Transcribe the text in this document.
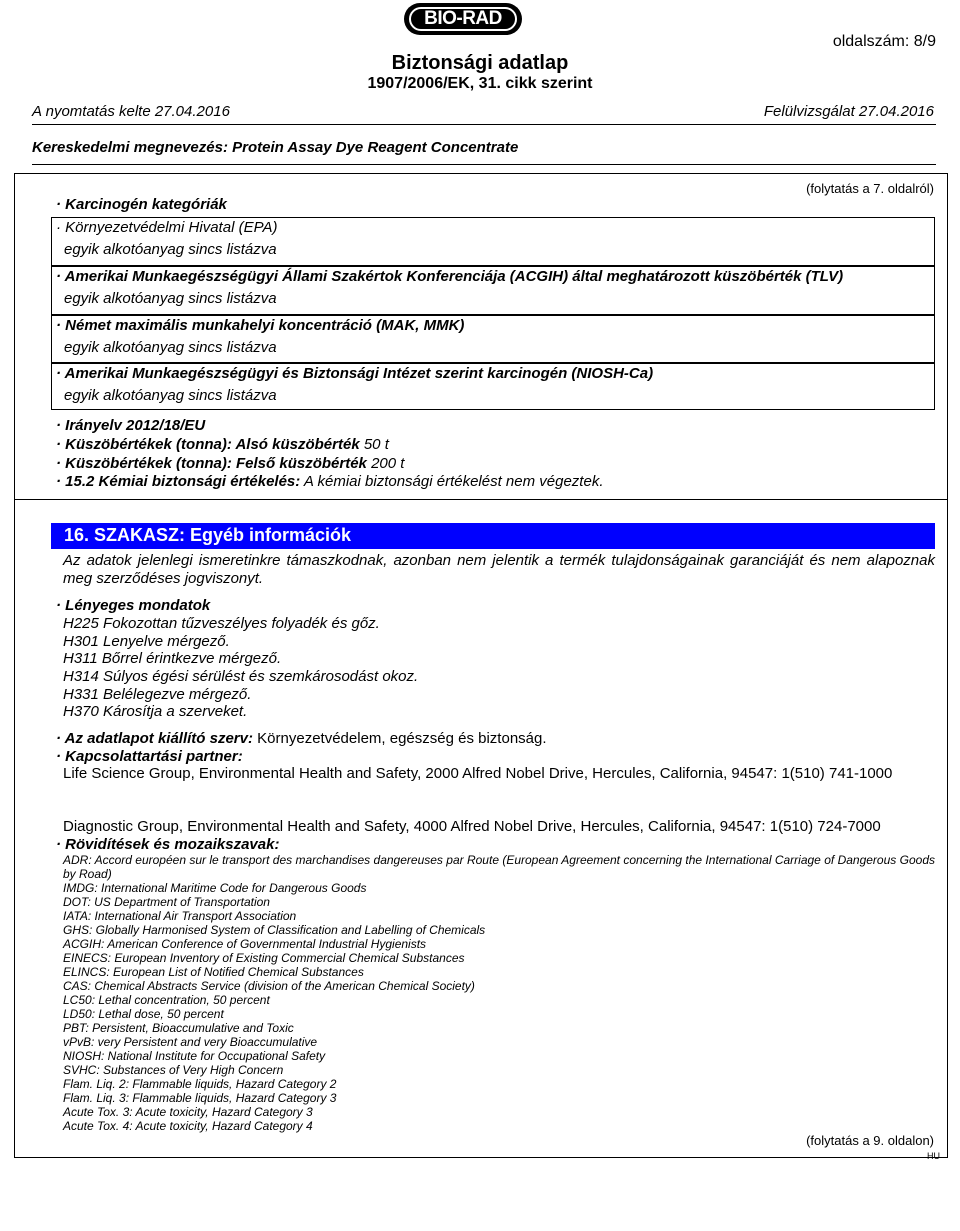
BIO-RAD
Biztonsági adatlap
1907/2006/EK, 31. cikk szerint
oldalszám: 8/9
A nyomtatás kelte 27.04.2016	Felülvizsgálat 27.04.2016
Kereskedelmi megnevezés: Protein Assay Dye Reagent Concentrate
(folytatás a 7. oldalról)
· Karcinogén kategóriák
· Környezetvédelmi Hivatal (EPA)
egyik alkotóanyag sincs listázva
· Amerikai Munkaegészségügyi Állami Szakértok Konferenciája (ACGIH) által meghatározott küszöbérték (TLV)
egyik alkotóanyag sincs listázva
· Német maximális munkahelyi koncentráció (MAK, MMK)
egyik alkotóanyag sincs listázva
· Amerikai Munkaegészségügyi és Biztonsági Intézet szerint karcinogén (NIOSH-Ca)
egyik alkotóanyag sincs listázva
· Irányelv 2012/18/EU
· Küszöbértékek (tonna): Alsó küszöbérték 50 t
· Küszöbértékek (tonna): Felső küszöbérték 200 t
· 15.2 Kémiai biztonsági értékelés: A kémiai biztonsági értékelést nem végeztek.
16. SZAKASZ: Egyéb információk
Az adatok jelenlegi ismeretinkre támaszkodnak, azonban nem jelentik a termék tulajdonságainak garanciáját és nem alapoznak meg szerződéses jogviszonyt.
· Lényeges mondatok
H225 Fokozottan tűzveszélyes folyadék és gőz.
H301 Lenyelve mérgező.
H311 Bőrrel érintkezve mérgező.
H314 Súlyos égési sérülést és szemkárosodást okoz.
H331 Belélegezve mérgező.
H370 Károsítja a szerveket.
· Az adatlapot kiállító szerv: Környezetvédelem, egészség és biztonság.
· Kapcsolattartási partner:
Life Science Group, Environmental Health and Safety, 2000 Alfred Nobel Drive, Hercules, California, 94547: 1(510) 741-1000
Diagnostic Group, Environmental Health and Safety, 4000 Alfred Nobel Drive, Hercules, California, 94547: 1(510) 724-7000
· Rövidítések és mozaikszavak:
ADR: Accord européen sur le transport des marchandises dangereuses par Route (European Agreement concerning the International Carriage of Dangerous Goods by Road)
IMDG: International Maritime Code for Dangerous Goods
DOT: US Department of Transportation
IATA: International Air Transport Association
GHS: Globally Harmonised System of Classification and Labelling of Chemicals
ACGIH: American Conference of Governmental Industrial Hygienists
EINECS: European Inventory of Existing Commercial Chemical Substances
ELINCS: European List of Notified Chemical Substances
CAS: Chemical Abstracts Service (division of the American Chemical Society)
LC50: Lethal concentration, 50 percent
LD50: Lethal dose, 50 percent
PBT: Persistent, Bioaccumulative and Toxic
vPvB: very Persistent and very Bioaccumulative
NIOSH: National Institute for Occupational Safety
SVHC: Substances of Very High Concern
Flam. Liq. 2: Flammable liquids, Hazard Category 2
Flam. Liq. 3: Flammable liquids, Hazard Category 3
Acute Tox. 3: Acute toxicity, Hazard Category 3
Acute Tox. 4: Acute toxicity, Hazard Category 4
(folytatás a 9. oldalon)
HU
